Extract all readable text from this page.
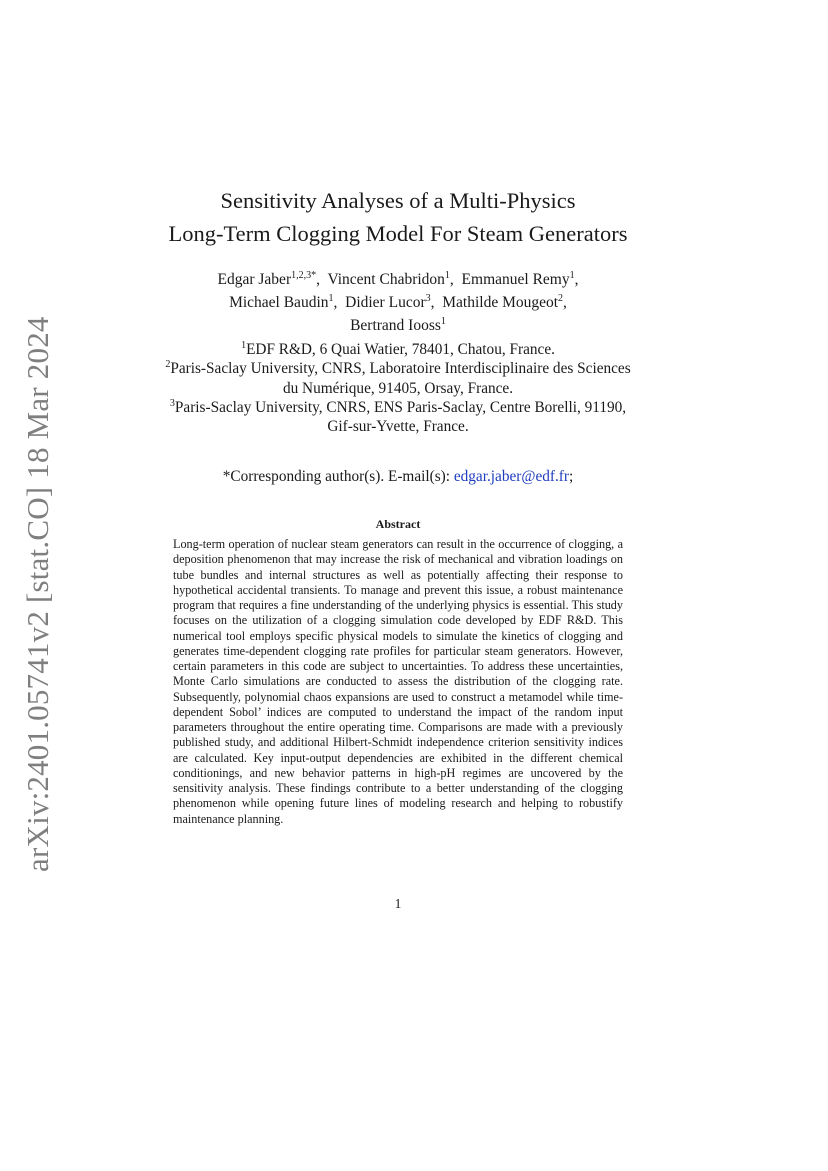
arXiv:2401.05741v2 [stat.CO] 18 Mar 2024
Sensitivity Analyses of a Multi-Physics
Long-Term Clogging Model For Steam Generators
Edgar Jaber$^{1,2,3*}$, Vincent Chabridon$^1$, Emmanuel Remy$^1$,
Michael Baudin$^1$, Didier Lucor$^3$, Mathilde Mougeot$^2$,
Bertrand Iooss$^1$
$^1$EDF R&D, 6 Quai Watier, 78401, Chatou, France.
$^2$Paris-Saclay University, CNRS, Laboratoire Interdisciplinaire des Sciences du Numérique, 91405, Orsay, France.
$^3$Paris-Saclay University, CNRS, ENS Paris-Saclay, Centre Borelli, 91190, Gif-sur-Yvette, France.
*Corresponding author(s). E-mail(s): edgar.jaber@edf.fr;
Abstract
Long-term operation of nuclear steam generators can result in the occurrence of clogging, a deposition phenomenon that may increase the risk of mechanical and vibration loadings on tube bundles and internal structures as well as potentially affecting their response to hypothetical accidental transients. To manage and prevent this issue, a robust maintenance program that requires a fine understanding of the underlying physics is essential. This study focuses on the utilization of a clogging simulation code developed by EDF R&D. This numerical tool employs specific physical models to simulate the kinetics of clogging and generates time-dependent clogging rate profiles for particular steam generators. However, certain parameters in this code are subject to uncertainties. To address these uncertainties, Monte Carlo simulations are conducted to assess the distribution of the clogging rate. Subsequently, polynomial chaos expansions are used to construct a metamodel while time-dependent Sobol’ indices are computed to understand the impact of the random input parameters throughout the entire operating time. Comparisons are made with a previously published study, and additional Hilbert-Schmidt independence criterion sensitivity indices are calculated. Key input-output dependencies are exhibited in the different chemical conditionings, and new behavior patterns in high-pH regimes are uncovered by the sensitivity analysis. These findings contribute to a better understanding of the clogging phenomenon while opening future lines of modeling research and helping to robustify maintenance planning.
1
